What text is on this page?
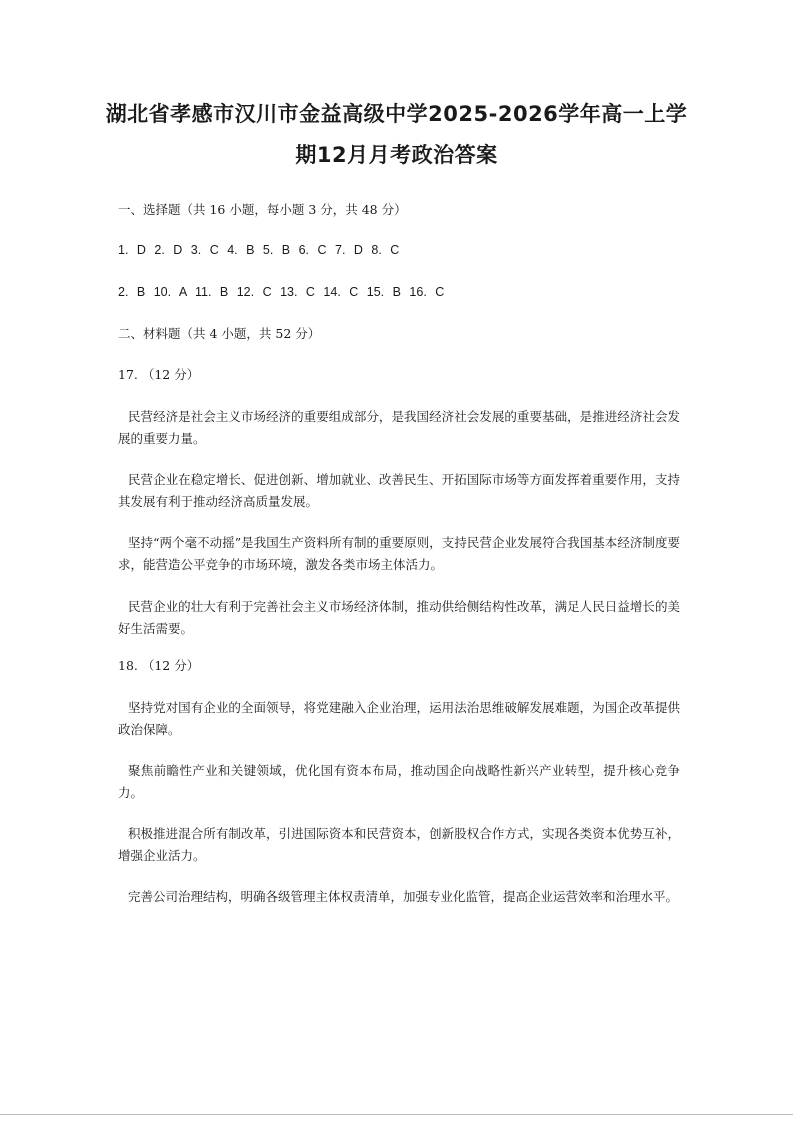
湖北省孝感市汉川市金益高级中学2025-2026学年高一上学
期12月月考政治答案

一、选择题（共 16 小题，每小题 3 分，共 48 分）

1. D 2. D 3. C 4. B 5. B 6. C 7. D 8. C

2. B 10. A 11. B 12. C 13. C 14. C 15. B 16. C

二、材料题（共 4 小题，共 52 分）

17. （12 分）

民营经济是社会主义市场经济的重要组成部分，是我国经济社会发展的重要基础，是推进经济社会发展的重要力量。

民营企业在稳定增长、促进创新、增加就业、改善民生、开拓国际市场等方面发挥着重要作用，支持其发展有利于推动经济高质量发展。

坚持“两个毫不动摇”是我国生产资料所有制的重要原则，支持民营企业发展符合我国基本经济制度要求，能营造公平竞争的市场环境，激发各类市场主体活力。

民营企业的壮大有利于完善社会主义市场经济体制，推动供给侧结构性改革，满足人民日益增长的美好生活需要。

18. （12 分）

坚持党对国有企业的全面领导，将党建融入企业治理，运用法治思维破解发展难题，为国企改革提供政治保障。

聚焦前瞻性产业和关键领域，优化国有资本布局，推动国企向战略性新兴产业转型，提升核心竞争力。

积极推进混合所有制改革，引进国际资本和民营资本，创新股权合作方式，实现各类资本优势互补，增强企业活力。

完善公司治理结构，明确各级管理主体权责清单，加强专业化监管，提高企业运营效率和治理水平。
